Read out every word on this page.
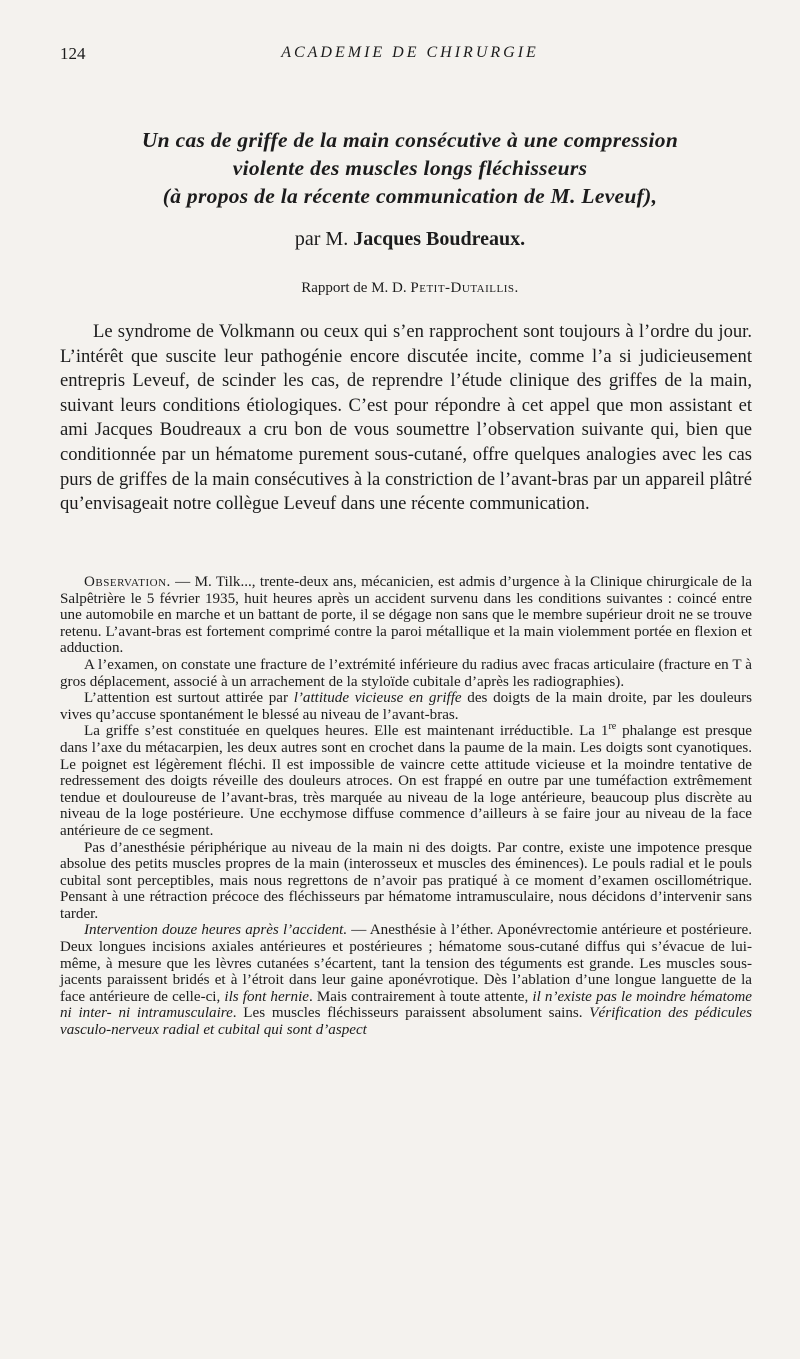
124	ACADEMIE DE CHIRURGIE
Un cas de griffe de la main consécutive à une compression
violente des muscles longs fléchisseurs
(à propos de la récente communication de M. Leveuf),
par M. Jacques Boudreaux.
Rapport de M. D. Petit-Dutaillis.

Le syndrome de Volkmann ou ceux qui s’en rapprochent sont toujours à l’ordre du jour. L’intérêt que suscite leur pathogénie encore discutée incite, comme l’a si judicieusement entrepris Leveuf, de scinder les cas, de reprendre l’étude clinique des griffes de la main, suivant leurs conditions étiologiques. C’est pour répondre à cet appel que mon assistant et ami Jacques Boudreaux a cru bon de vous soumettre l’observation suivante qui, bien que conditionnée par un hématome purement sous-cutané, offre quelques analogies avec les cas purs de griffes de la main consécutives à la constriction de l’avant-bras par un appareil plâtré qu’envisageait notre collègue Leveuf dans une récente communication.

Observation. — M. Tilk..., trente-deux ans, mécanicien, est admis d’urgence à la Clinique chirurgicale de la Salpêtrière le 5 février 1935, huit heures après un accident survenu dans les conditions suivantes : coincé entre une automobile en marche et un battant de porte, il se dégage non sans que le membre supérieur droit ne se trouve retenu. L’avant-bras est fortement comprimé contre la paroi métallique et la main violemment portée en flexion et adduction.

A l’examen, on constate une fracture de l’extrémité inférieure du radius avec fracas articulaire (fracture en T à gros déplacement, associé à un arrachement de la styloïde cubitale d’après les radiographies).

L’attention est surtout attirée par l’attitude vicieuse en griffe des doigts de la main droite, par les douleurs vives qu’accuse spontanément le blessé au niveau de l’avant-bras.

La griffe s’est constituée en quelques heures. Elle est maintenant irréductible. La 1re phalange est presque dans l’axe du métacarpien, les deux autres sont en crochet dans la paume de la main. Les doigts sont cyanotiques. Le poignet est légèrement fléchi. Il est impossible de vaincre cette attitude vicieuse et la moindre tentative de redressement des doigts réveille des douleurs atroces. On est frappé en outre par une tuméfaction extrêmement tendue et douloureuse de l’avant-bras, très marquée au niveau de la loge antérieure, beaucoup plus discrète au niveau de la loge postérieure. Une ecchymose diffuse commence d’ailleurs à se faire jour au niveau de la face antérieure de ce segment.

Pas d’anesthésie périphérique au niveau de la main ni des doigts. Par contre, existe une impotence presque absolue des petits muscles propres de la main (interosseux et muscles des éminences). Le pouls radial et le pouls cubital sont perceptibles, mais nous regrettons de n’avoir pas pratiqué à ce moment d’examen oscillométrique. Pensant à une rétraction précoce des fléchisseurs par hématome intramusculaire, nous décidons d’intervenir sans tarder.

Intervention douze heures après l’accident. — Anesthésie à l’éther. Aponévrectomie antérieure et postérieure. Deux longues incisions axiales antérieures et postérieures ; hématome sous-cutané diffus qui s’évacue de lui-même, à mesure que les lèvres cutanées s’écartent, tant la tension des téguments est grande. Les muscles sous-jacents paraissent bridés et à l’étroit dans leur gaine aponévrotique. Dès l’ablation d’une longue languette de la face antérieure de celle-ci, ils font hernie. Mais contrairement à toute attente, il n’existe pas le moindre hématome ni inter- ni intramusculaire. Les muscles fléchisseurs paraissent absolument sains. Vérification des pédicules vasculo-nerveux radial et cubital qui sont d’aspect
